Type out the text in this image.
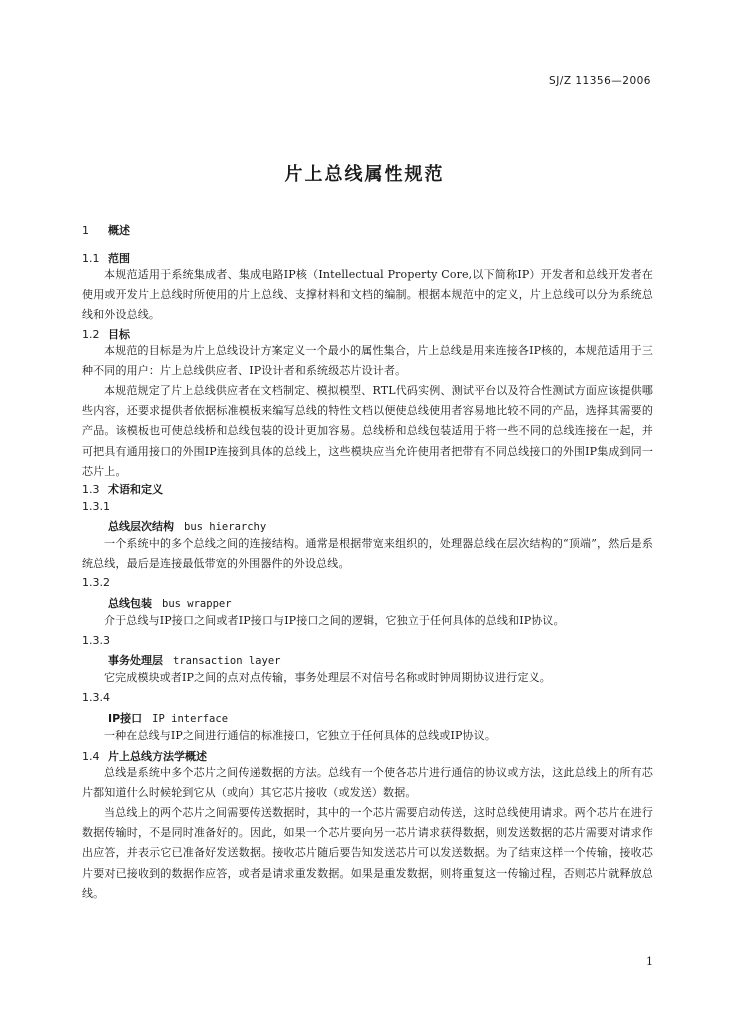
SJ/Z 11356—2006
片上总线属性规范
1 概述
1.1 范围
本规范适用于系统集成者、集成电路IP核（Intellectual Property Core,以下简称IP）开发者和总线开发者在使用或开发片上总线时所使用的片上总线、支撑材料和文档的编制。根据本规范中的定义，片上总线可以分为系统总线和外设总线。
1.2 目标
本规范的目标是为片上总线设计方案定义一个最小的属性集合，片上总线是用来连接各IP核的，本规范适用于三种不同的用户：片上总线供应者、IP设计者和系统级芯片设计者。
本规范规定了片上总线供应者在文档制定、模拟模型、RTL代码实例、测试平台以及符合性测试方面应该提供哪些内容，还要求提供者依据标准模板来编写总线的特性文档以便使总线使用者容易地比较不同的产品，选择其需要的产品。该模板也可使总线桥和总线包装的设计更加容易。总线桥和总线包装适用于将一些不同的总线连接在一起，并可把具有通用接口的外围IP连接到具体的总线上，这些模块应当允许使用者把带有不同总线接口的外围IP集成到同一芯片上。
1.3 术语和定义
1.3.1
总线层次结构 bus hierarchy
一个系统中的多个总线之间的连接结构。通常是根据带宽来组织的，处理器总线在层次结构的“顶端”，然后是系统总线，最后是连接最低带宽的外围器件的外设总线。
1.3.2
总线包装 bus wrapper
介于总线与IP接口之间或者IP接口与IP接口之间的逻辑，它独立于任何具体的总线和IP协议。
1.3.3
事务处理层 transaction layer
它完成模块或者IP之间的点对点传输，事务处理层不对信号名称或时钟周期协议进行定义。
1.3.4
IP接口 IP interface
一种在总线与IP之间进行通信的标准接口，它独立于任何具体的总线或IP协议。
1.4 片上总线方法学概述
总线是系统中多个芯片之间传递数据的方法。总线有一个使各芯片进行通信的协议或方法，这此总线上的所有芯片都知道什么时候轮到它从（或向）其它芯片接收（或发送）数据。
当总线上的两个芯片之间需要传送数据时，其中的一个芯片需要启动传送，这时总线使用请求。两个芯片在进行数据传输时，不是同时准备好的。因此，如果一个芯片要向另一芯片请求获得数据，则发送数据的芯片需要对请求作出应答，并表示它已准备好发送数据。接收芯片随后要告知发送芯片可以发送数据。为了结束这样一个传输，接收芯片要对已接收到的数据作应答，或者是请求重发数据。如果是重发数据，则将重复这一传输过程，否则芯片就释放总线。
1
